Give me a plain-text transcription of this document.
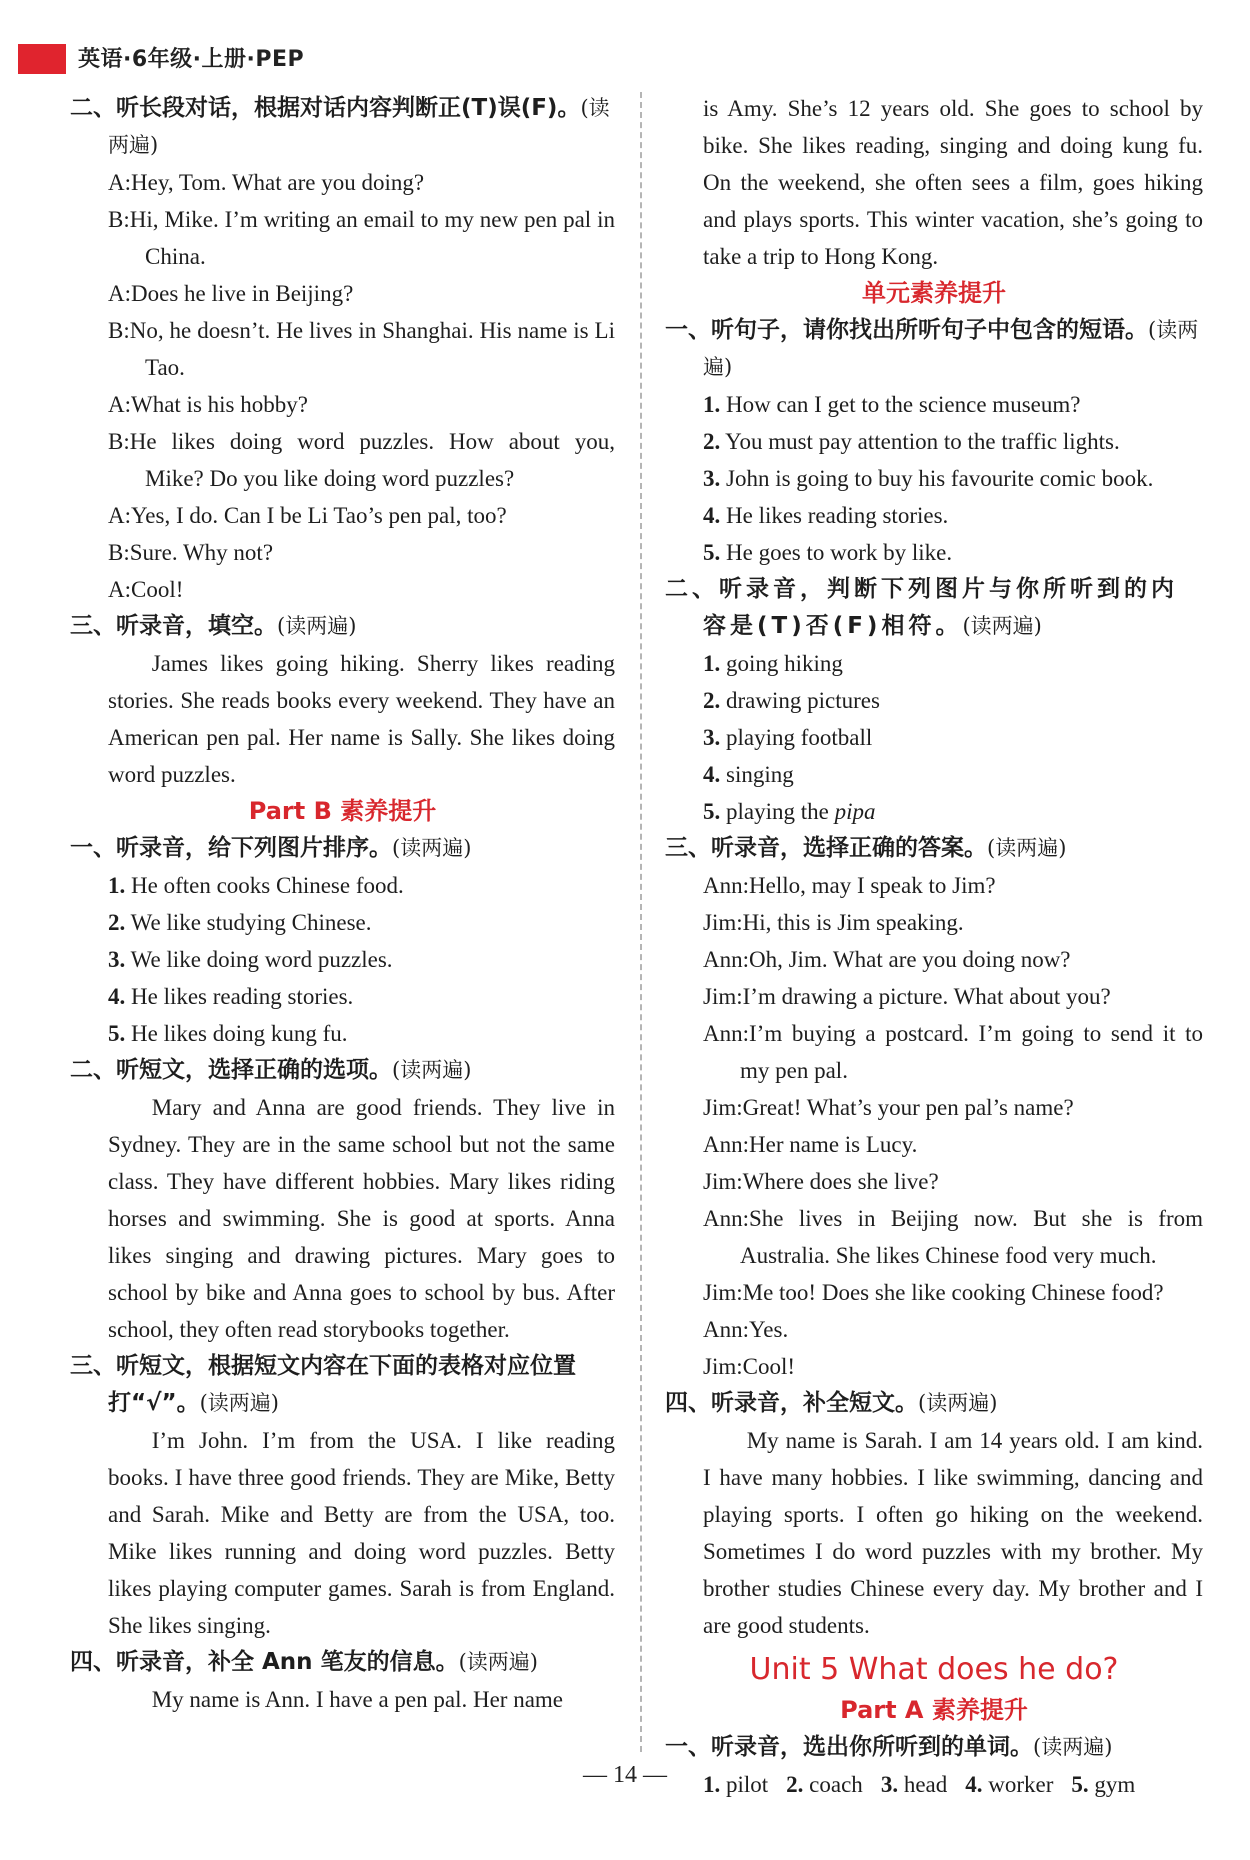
英语·6年级·上册·PEP
二、听长段对话，根据对话内容判断正(T)误(F)。(读两遍)
A:Hey, Tom. What are you doing?
B:Hi, Mike. I’m writing an email to my new pen pal in China.
A:Does he live in Beijing?
B:No, he doesn’t. He lives in Shanghai. His name is Li Tao.
A:What is his hobby?
B:He likes doing word puzzles. How about you, Mike? Do you like doing word puzzles?
A:Yes, I do. Can I be Li Tao’s pen pal, too?
B:Sure. Why not?
A:Cool!
三、听录音，填空。(读两遍)
James likes going hiking. Sherry likes reading stories. She reads books every weekend. They have an American pen pal. Her name is Sally. She likes doing word puzzles.
Part B 素养提升
一、听录音，给下列图片排序。(读两遍)
1. He often cooks Chinese food.
2. We like studying Chinese.
3. We like doing word puzzles.
4. He likes reading stories.
5. He likes doing kung fu.
二、听短文，选择正确的选项。(读两遍)
Mary and Anna are good friends. They live in Sydney. They are in the same school but not the same class. They have different hobbies. Mary likes riding horses and swimming. She is good at sports. Anna likes singing and drawing pictures. Mary goes to school by bike and Anna goes to school by bus. After school, they often read storybooks together.
三、听短文，根据短文内容在下面的表格对应位置打“√”。(读两遍)
I’m John. I’m from the USA. I like reading books. I have three good friends. They are Mike, Betty and Sarah. Mike and Betty are from the USA, too. Mike likes running and doing word puzzles. Betty likes playing computer games. Sarah is from England. She likes singing.
四、听录音，补全 Ann 笔友的信息。(读两遍)
My name is Ann. I have a pen pal. Her name
is Amy. She’s 12 years old. She goes to school by bike. She likes reading, singing and doing kung fu. On the weekend, she often sees a film, goes hiking and plays sports. This winter vacation, she’s going to take a trip to Hong Kong.
单元素养提升
一、听句子，请你找出所听句子中包含的短语。(读两遍)
1. How can I get to the science museum?
2. You must pay attention to the traffic lights.
3. John is going to buy his favourite comic book.
4. He likes reading stories.
5. He goes to work by like.
二、听录音，判断下列图片与你所听到的内容是(T)否(F)相符。(读两遍)
1. going hiking
2. drawing pictures
3. playing football
4. singing
5. playing the pipa
三、听录音，选择正确的答案。(读两遍)
Ann:Hello, may I speak to Jim?
Jim:Hi, this is Jim speaking.
Ann:Oh, Jim. What are you doing now?
Jim:I’m drawing a picture. What about you?
Ann:I’m buying a postcard. I’m going to send it to my pen pal.
Jim:Great! What’s your pen pal’s name?
Ann:Her name is Lucy.
Jim:Where does she live?
Ann:She lives in Beijing now. But she is from Australia. She likes Chinese food very much.
Jim:Me too! Does she like cooking Chinese food?
Ann:Yes.
Jim:Cool!
四、听录音，补全短文。(读两遍)
My name is Sarah. I am 14 years old. I am kind. I have many hobbies. I like swimming, dancing and playing sports. I often go hiking on the weekend. Sometimes I do word puzzles with my brother. My brother studies Chinese every day. My brother and I are good students.
Unit 5 What does he do?
Part A 素养提升
一、听录音，选出你所听到的单词。(读两遍)
1. pilot 2. coach 3. head 4. worker 5. gym
— 14 —
